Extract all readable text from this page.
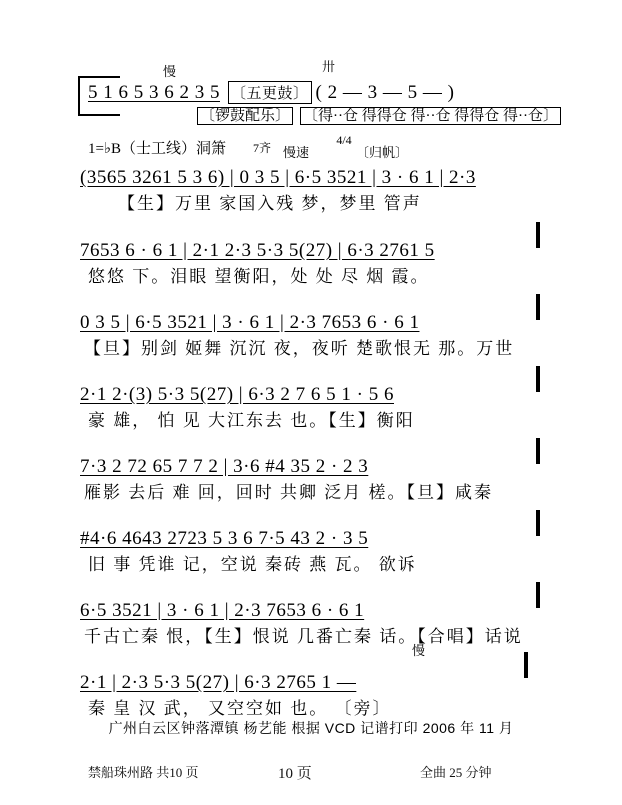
慢
5 1 6 5 3 6 2 3 5 〔五更鼓〕 ( 2 — 3 — 5 — )
卅
〔锣鼓配乐〕 〔得··仓 得得仓 得··仓 得得仓 得··仓〕
1=♭B（士工线）洞箫 7齐 慢速
4/4
〔归帆〕
(3565 3261 5 3 6) | 0 3 5 | 6·5 3521 | 3 · 6 1 | 2·3
【生】万里 家国入残 梦，梦里 管声
7653 6 · 6 1 | 2·1 2·3 5·3 5(27) | 6·3 2761 5
悠悠 下。泪眼 望衡阳，处 处 尽 烟 霞。
0 3 5 | 6·5 3521 | 3 · 6 1 | 2·3 7653 6 · 6 1
【旦】别剑 姬舞 沉沉 夜，夜听 楚歌恨无 那。万世
2·1 2·(3) 5·3 5(27) | 6·3 2 7 6 5 1 · 5 6
豪 雄， 怕 见 大江东去 也。【生】衡阳
7·3 2 72 65 7 7 2 | 3·6 #4 35 2 · 2 3
雁影 去后 难 回，回时 共卿 泛月 槎。【旦】咸秦
#4·6 4643 2723 5 3 6 7·5 43 2 · 3 5
旧 事 凭谁 记，空说 秦砖 燕 瓦。 欲诉
6·5 3521 | 3 · 6 1 | 2·3 7653 6 · 6 1
千古亡秦 恨，【生】恨说 几番亡秦 话。【合唱】话说
慢
2·1 | 2·3 5·3 5(27) | 6·3 2765 1 —
秦 皇 汉 武， 又空空如 也。 〔旁〕
广州白云区钟落潭镇 杨艺能 根据 VCD 记谱打印 2006 年 11 月
禁船珠州路 共10 页	10 页	全曲 25 分钟
